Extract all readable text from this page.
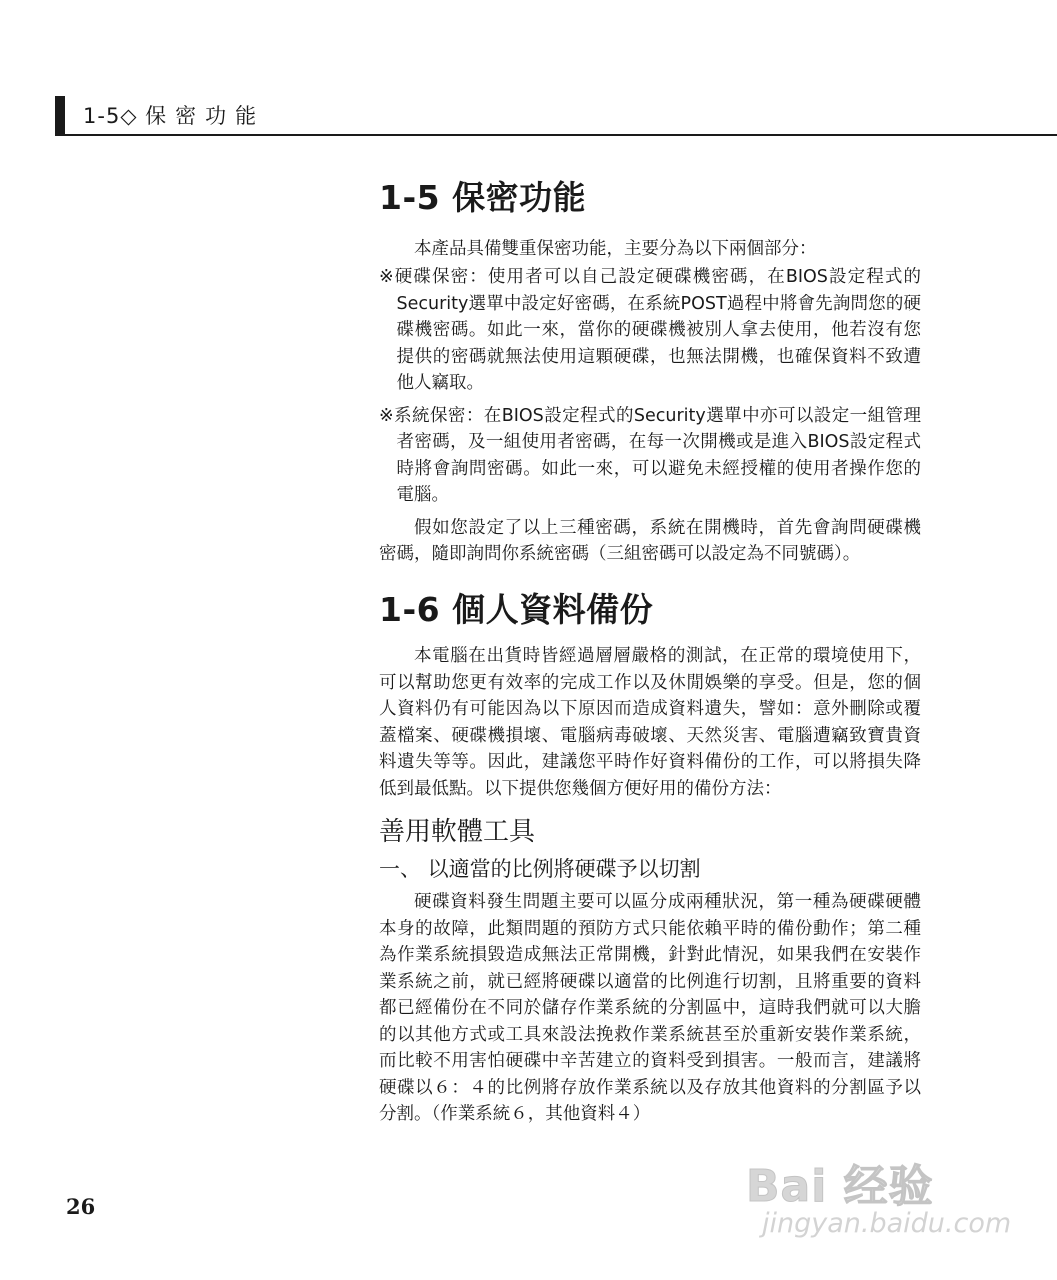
1-5◇ 保密功能
1-5 保密功能

本產品具備雙重保密功能，主要分為以下兩個部分：

※硬碟保密：使用者可以自己設定硬碟機密碼，在BIOS設定程式的Security選單中設定好密碼，在系統POST過程中將會先詢問您的硬碟機密碼。如此一來，當你的硬碟機被別人拿去使用，他若沒有您提供的密碼就無法使用這顆硬碟，也無法開機，也確保資料不致遭他人竊取。

※系統保密：在BIOS設定程式的Security選單中亦可以設定一組管理者密碼，及一組使用者密碼，在每一次開機或是進入BIOS設定程式時將會詢問密碼。如此一來，可以避免未經授權的使用者操作您的電腦。

假如您設定了以上三種密碼，系統在開機時，首先會詢問硬碟機密碼，隨即詢問你系統密碼（三組密碼可以設定為不同號碼）。

1-6 個人資料備份

本電腦在出貨時皆經過層層嚴格的測試，在正常的環境使用下，可以幫助您更有效率的完成工作以及休閒娛樂的享受。但是，您的個人資料仍有可能因為以下原因而造成資料遺失，譬如：意外刪除或覆蓋檔案、硬碟機損壞、電腦病毒破壞、天然災害、電腦遭竊致寶貴資料遺失等等。因此，建議您平時作好資料備份的工作，可以將損失降低到最低點。以下提供您幾個方便好用的備份方法：

善用軟體工具
一、 以適當的比例將硬碟予以切割

硬碟資料發生問題主要可以區分成兩種狀況，第一種為硬碟硬體本身的故障，此類問題的預防方式只能依賴平時的備份動作；第二種為作業系統損毀造成無法正常開機，針對此情況，如果我們在安裝作業系統之前，就已經將硬碟以適當的比例進行切割，且將重要的資料都已經備份在不同於儲存作業系統的分割區中，這時我們就可以大膽的以其他方式或工具來設法挽救作業系統甚至於重新安裝作業系統，而比較不用害怕硬碟中辛苦建立的資料受到損害。一般而言，建議將硬碟以６：４的比例將存放作業系統以及存放其他資料的分割區予以分割。（作業系統６，其他資料４）

26	Bai 经验
jingyan.baidu.com
